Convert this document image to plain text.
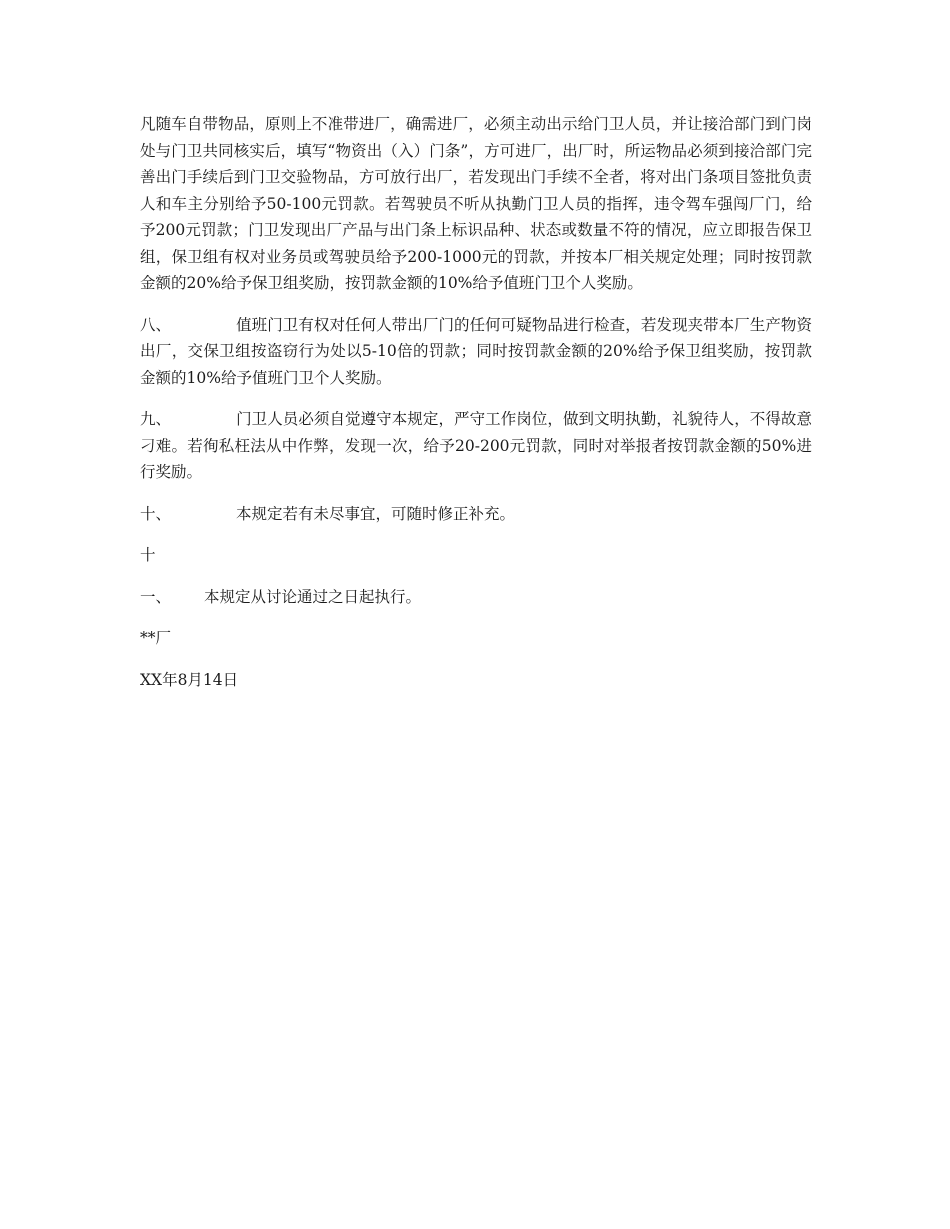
凡随车自带物品，原则上不准带进厂，确需进厂，必须主动出示给门卫人员，并让接洽部门到门岗处与门卫共同核实后，填写“物资出（入）门条”，方可进厂，出厂时，所运物品必须到接洽部门完善出门手续后到门卫交验物品，方可放行出厂，若发现出门手续不全者，将对出门条项目签批负责人和车主分别给予50-100元罚款。若驾驶员不听从执勤门卫人员的指挥，违令驾车强闯厂门，给予200元罚款；门卫发现出厂产品与出门条上标识品种、状态或数量不符的情况，应立即报告保卫组，保卫组有权对业务员或驾驶员给予200-1000元的罚款，并按本厂相关规定处理；同时按罚款金额的20%给予保卫组奖励，按罚款金额的10%给予值班门卫个人奖励。

八、	值班门卫有权对任何人带出厂门的任何可疑物品进行检查，若发现夹带本厂生产物资出厂，交保卫组按盗窃行为处以5-10倍的罚款；同时按罚款金额的20%给予保卫组奖励，按罚款金额的10%给予值班门卫个人奖励。

九、	门卫人员必须自觉遵守本规定，严守工作岗位，做到文明执勤，礼貌待人，不得故意刁难。若徇私枉法从中作弊，发现一次，给予20-200元罚款，同时对举报者按罚款金额的50%进行奖励。

十、	本规定若有未尽事宜，可随时修正补充。

十

一、 本规定从讨论通过之日起执行。

**厂

XX年8月14日
